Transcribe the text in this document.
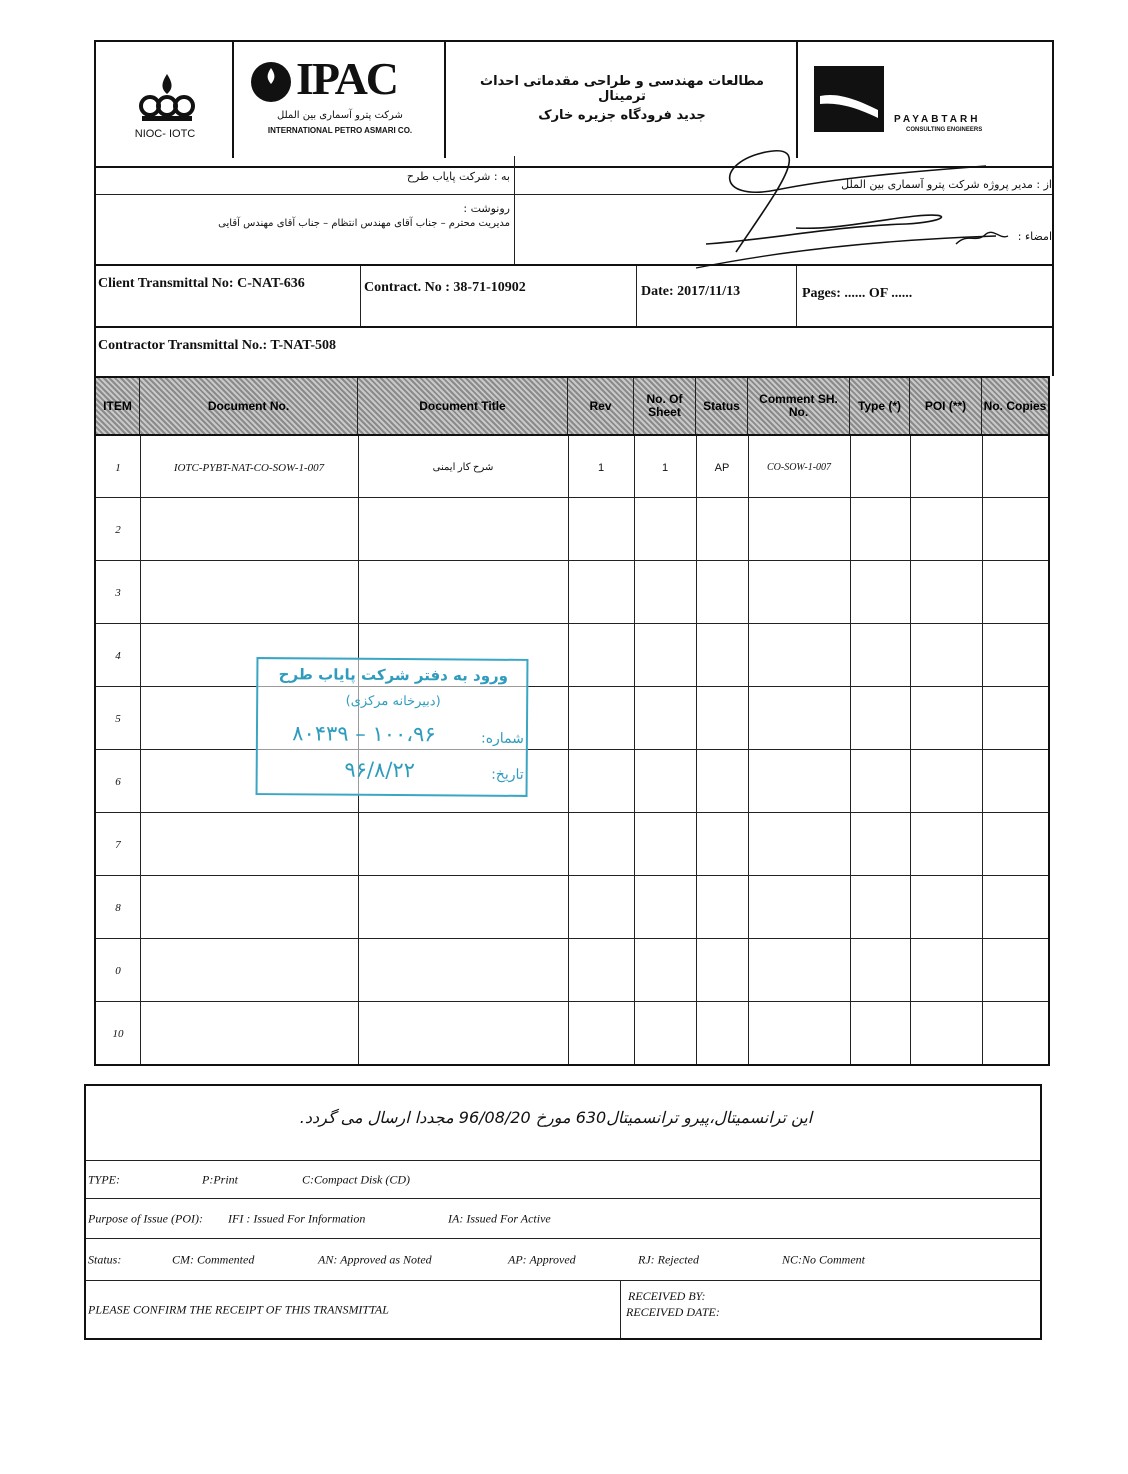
NIOC- IOTC
IPAC
شرکت پترو آسماری بین الملل
INTERNATIONAL PETRO ASMARI CO.
مطالعات مهندسی و طراحی مقدماتی احداث ترمینال
جدید فرودگاه جزیره خارک	PAYABTARH
CONSULTING ENGINEERS
به : شرکت پایاب طرح
رونوشت :
مدیریت محترم – جناب آقای مهندس انتظام – جناب آقای مهندس آقایی
از : مدیر پروژه شرکت پترو آسماری بین الملل
امضاء :
Client Transmittal No: C-NAT-636	Contract. No : 38-71-10902	Date: 2017/11/13	Pages: ...... OF ......
Contractor Transmittal No.: T-NAT-508
ITEM	Document No.	Document Title	Rev	No. Of Sheet	Status	Comment SH. No.	Type (*)	POI (**)	No. Copies
1	IOTC-PYBT-NAT-CO-SOW-1-007	شرح کار ایمنی	1	1	AP	CO-SOW-1-007
2
3
4
5
6
7
8
0
10
ورود به دفتر شرکت پایاب طرح
(دبیرخانه مرکزی)
شماره:
۱۰۰،۹۶ – ۸۰۴۳۹
تاریخ:
۹۶/۸/۲۲
این ترانسمیتال،پیرو ترانسمیتال630 مورخ 96/08/20 مجددا ارسال می گردد.
TYPE:	P:Print	C:Compact Disk (CD)
Purpose of Issue (POI): IFI : Issued For Information	IA: Issued For Active
Status:	CM: Commented	AN: Approved as Noted	AP: Approved	RJ: Rejected	NC:No Comment
PLEASE CONFIRM THE RECEIPT OF THIS TRANSMITTAL
RECEIVED BY:
RECEIVED DATE:
